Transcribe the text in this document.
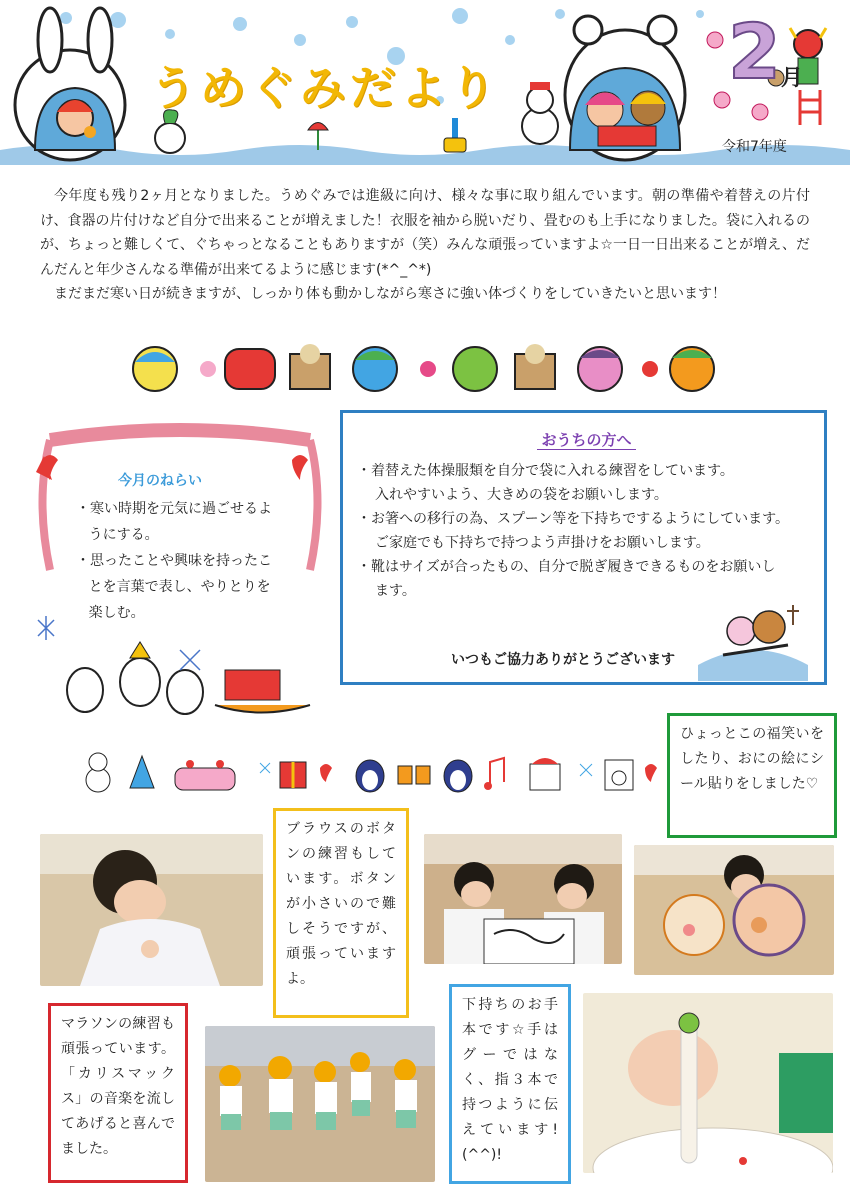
うめぐみだより	2月
令和7年度

今年度も残り2ヶ月となりました。うめぐみでは進級に向け、様々な事に取り組んでいます。朝の準備や着替えの片付け、食器の片付けなど自分で出来ることが増えました！衣服を袖から脱いだり、畳むのも上手になりました。袋に入れるのが、ちょっと難しくて、ぐちゃっとなることもありますが（笑）みんな頑張っていますよ☆一日一日出来ることが増え、だんだんと年少さんなる準備が出来てるように感じます(*^_^*)

まだまだ寒い日が続きますが、しっかり体も動かしながら寒さに強い体づくりをしていきたいと思います！

今月のねらい
・寒い時期を元気に過ごせるようにする。
・思ったことや興味を持ったことを言葉で表し、やりとりを楽しむ。
おうちの方へ
・着替えた体操服類を自分で袋に入れる練習をしています。
入れやすいよう、大きめの袋をお願いします。
・お箸への移行の為、スプーン等を下持ちでするようにしています。
ご家庭でも下持ちで持つよう声掛けをお願いします。
・靴はサイズが合ったもの、自分で脱ぎ履きできるものをお願いし
ます。
いつもご協力ありがとうございます
ひょっとこの福笑いをしたり、おにの絵にシール貼りをしました♡
ブラウスのボタンの練習もしています。ボタンが小さいので難しそうですが、頑張っていますよ。
マラソンの練習も頑張っています。「カリスマックス」の音楽を流してあげると喜んでました。
下持ちのお手本です☆手はグーではなく、指３本で持つように伝えています!(^^)!
